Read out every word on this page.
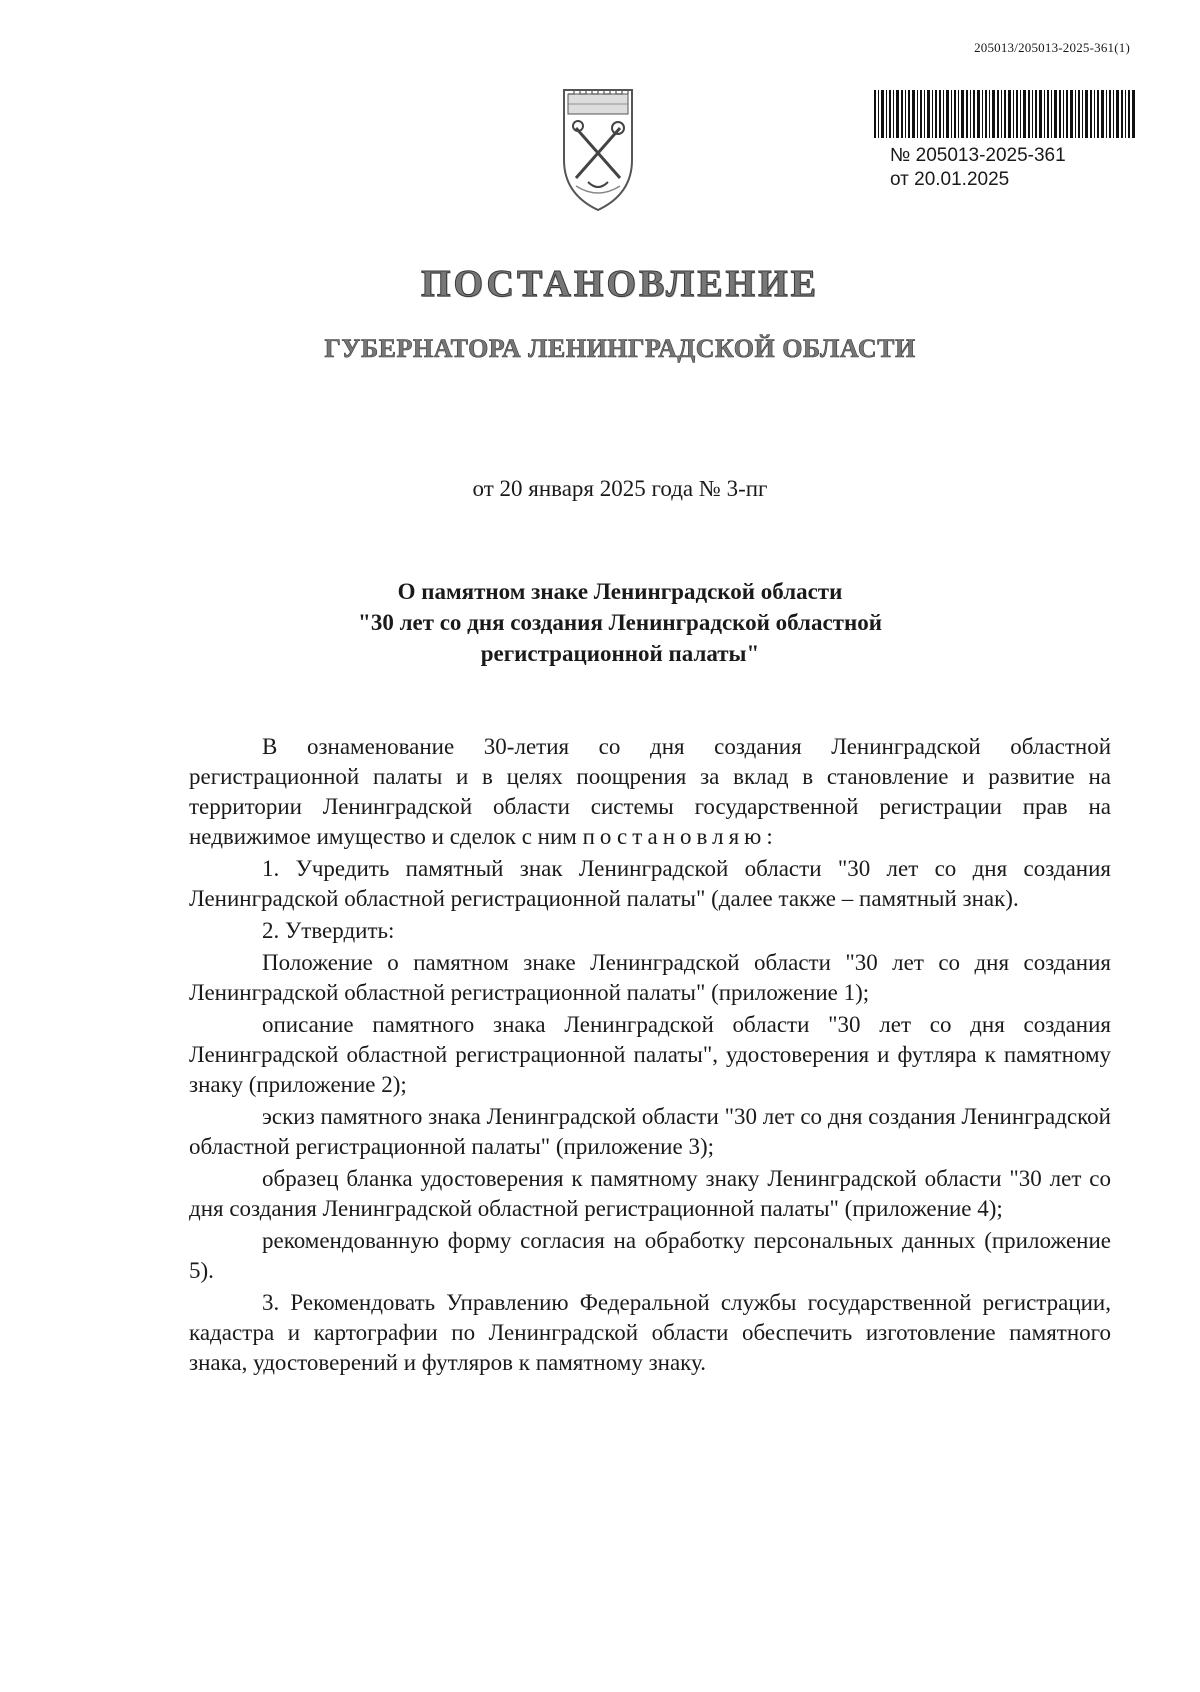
205013/205013-2025-361(1)
№ 205013-2025-361
от 20.01.2025
ПОСТАНОВЛЕНИЕ
ГУБЕРНАТОРА ЛЕНИНГРАДСКОЙ ОБЛАСТИ
от 20 января 2025 года № 3-пг
О памятном знаке Ленинградской области
"30 лет со дня создания Ленинградской областной
регистрационной палаты"

В ознаменование 30-летия со дня создания Ленинградской областной регистрационной палаты и в целях поощрения за вклад в становление и развитие на территории Ленинградской области системы государственной регистрации прав на недвижимое имущество и сделок с ним постановляю:

1. Учредить памятный знак Ленинградской области "30 лет со дня создания Ленинградской областной регистрационной палаты" (далее также – памятный знак).

2. Утвердить:

Положение о памятном знаке Ленинградской области "30 лет со дня создания Ленинградской областной регистрационной палаты" (приложение 1);

описание памятного знака Ленинградской области "30 лет со дня создания Ленинградской областной регистрационной палаты", удостоверения и футляра к памятному знаку (приложение 2);

эскиз памятного знака Ленинградской области "30 лет со дня создания Ленинградской областной регистрационной палаты" (приложение 3);

образец бланка удостоверения к памятному знаку Ленинградской области "30 лет со дня создания Ленинградской областной регистрационной палаты" (приложение 4);

рекомендованную форму согласия на обработку персональных данных (приложение 5).

3. Рекомендовать Управлению Федеральной службы государственной регистрации, кадастра и картографии по Ленинградской области обеспечить изготовление памятного знака, удостоверений и футляров к памятному знаку.
